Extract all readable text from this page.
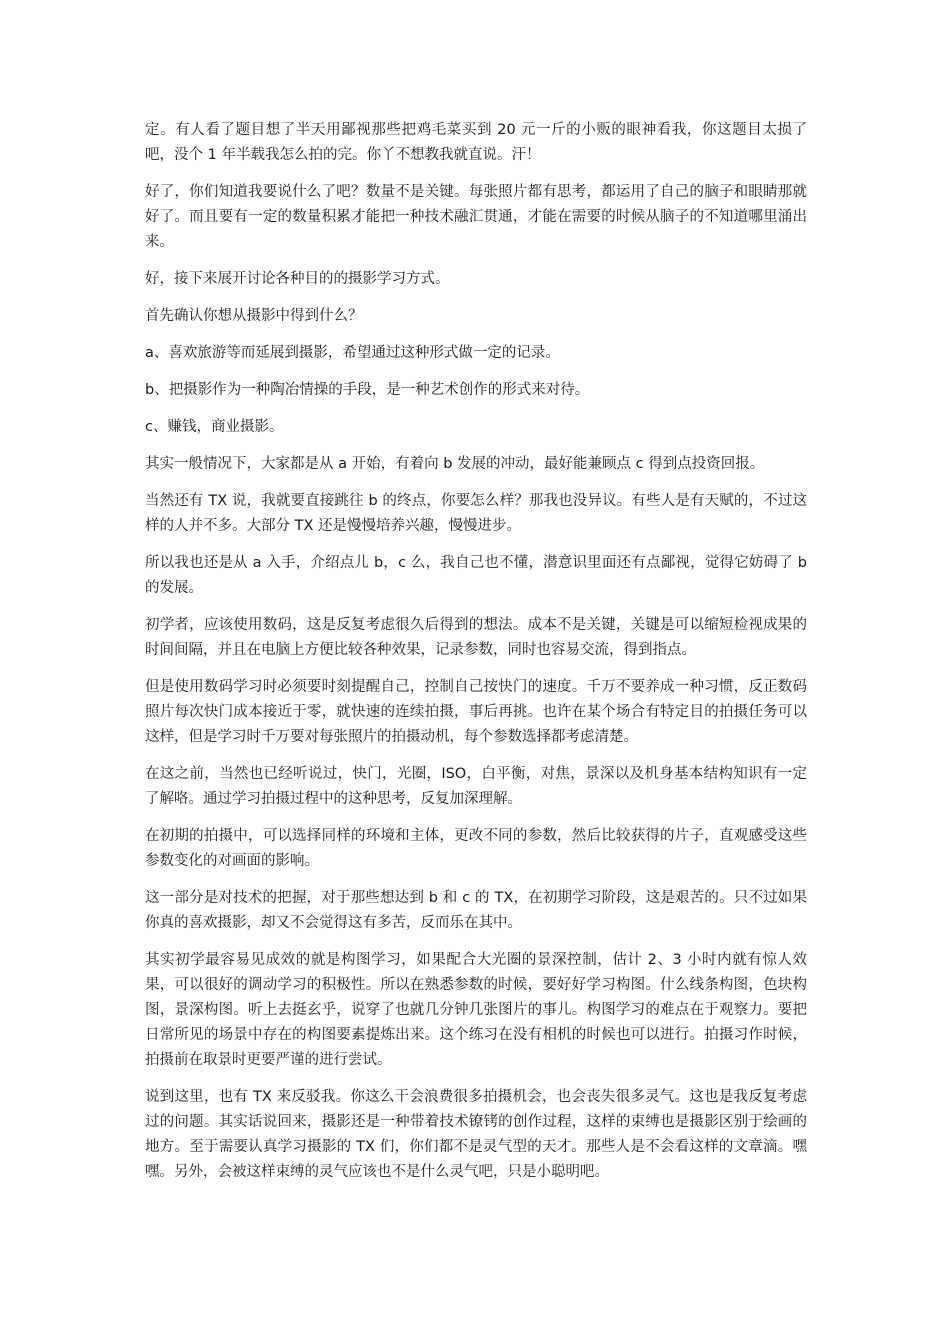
定。有人看了题目想了半天用鄙视那些把鸡毛菜买到 20 元一斤的小贩的眼神看我，你这题目太损了吧，没个 1 年半载我怎么拍的完。你丫不想教我就直说。汗！

好了，你们知道我要说什么了吧？数量不是关键。每张照片都有思考，都运用了自己的脑子和眼睛那就好了。而且要有一定的数量积累才能把一种技术融汇贯通，才能在需要的时候从脑子的不知道哪里涌出来。

好，接下来展开讨论各种目的的摄影学习方式。

首先确认你想从摄影中得到什么？

a、喜欢旅游等而延展到摄影，希望通过这种形式做一定的记录。

b、把摄影作为一种陶冶情操的手段，是一种艺术创作的形式来对待。

c、赚钱，商业摄影。

其实一般情况下，大家都是从 a 开始，有着向 b 发展的冲动，最好能兼顾点 c 得到点投资回报。

当然还有 TX 说，我就要直接跳往 b 的终点，你要怎么样？那我也没异议。有些人是有天赋的，不过这样的人并不多。大部分 TX 还是慢慢培养兴趣，慢慢进步。

所以我也还是从 a 入手，介绍点儿 b，c 么，我自己也不懂，潜意识里面还有点鄙视，觉得它妨碍了 b 的发展。

初学者，应该使用数码，这是反复考虑很久后得到的想法。成本不是关键，关键是可以缩短检视成果的时间间隔，并且在电脑上方便比较各种效果，记录参数，同时也容易交流，得到指点。

但是使用数码学习时必须要时刻提醒自己，控制自己按快门的速度。千万不要养成一种习惯，反正数码照片每次快门成本接近于零，就快速的连续拍摄，事后再挑。也许在某个场合有特定目的拍摄任务可以这样，但是学习时千万要对每张照片的拍摄动机，每个参数选择都考虑清楚。

在这之前，当然也已经听说过，快门，光圈，ISO，白平衡，对焦，景深以及机身基本结构知识有一定了解咯。通过学习拍摄过程中的这种思考，反复加深理解。

在初期的拍摄中，可以选择同样的环境和主体，更改不同的参数，然后比较获得的片子，直观感受这些参数变化的对画面的影响。

这一部分是对技术的把握，对于那些想达到 b 和 c 的 TX，在初期学习阶段，这是艰苦的。只不过如果你真的喜欢摄影，却又不会觉得这有多苦，反而乐在其中。

其实初学最容易见成效的就是构图学习，如果配合大光圈的景深控制，估计 2、3 小时内就有惊人效果，可以很好的调动学习的积极性。所以在熟悉参数的时候，要好好学习构图。什么线条构图，色块构图，景深构图。听上去挺玄乎，说穿了也就几分钟几张图片的事儿。构图学习的难点在于观察力。要把日常所见的场景中存在的构图要素提炼出来。这个练习在没有相机的时候也可以进行。拍摄习作时候，拍摄前在取景时更要严谨的进行尝试。

说到这里，也有 TX 来反驳我。你这么干会浪费很多拍摄机会，也会丧失很多灵气。这也是我反复考虑过的问题。其实话说回来，摄影还是一种带着技术镣铐的创作过程，这样的束缚也是摄影区别于绘画的地方。至于需要认真学习摄影的 TX 们，你们都不是灵气型的天才。那些人是不会看这样的文章滴。嘿嘿。另外，会被这样束缚的灵气应该也不是什么灵气吧，只是小聪明吧。
